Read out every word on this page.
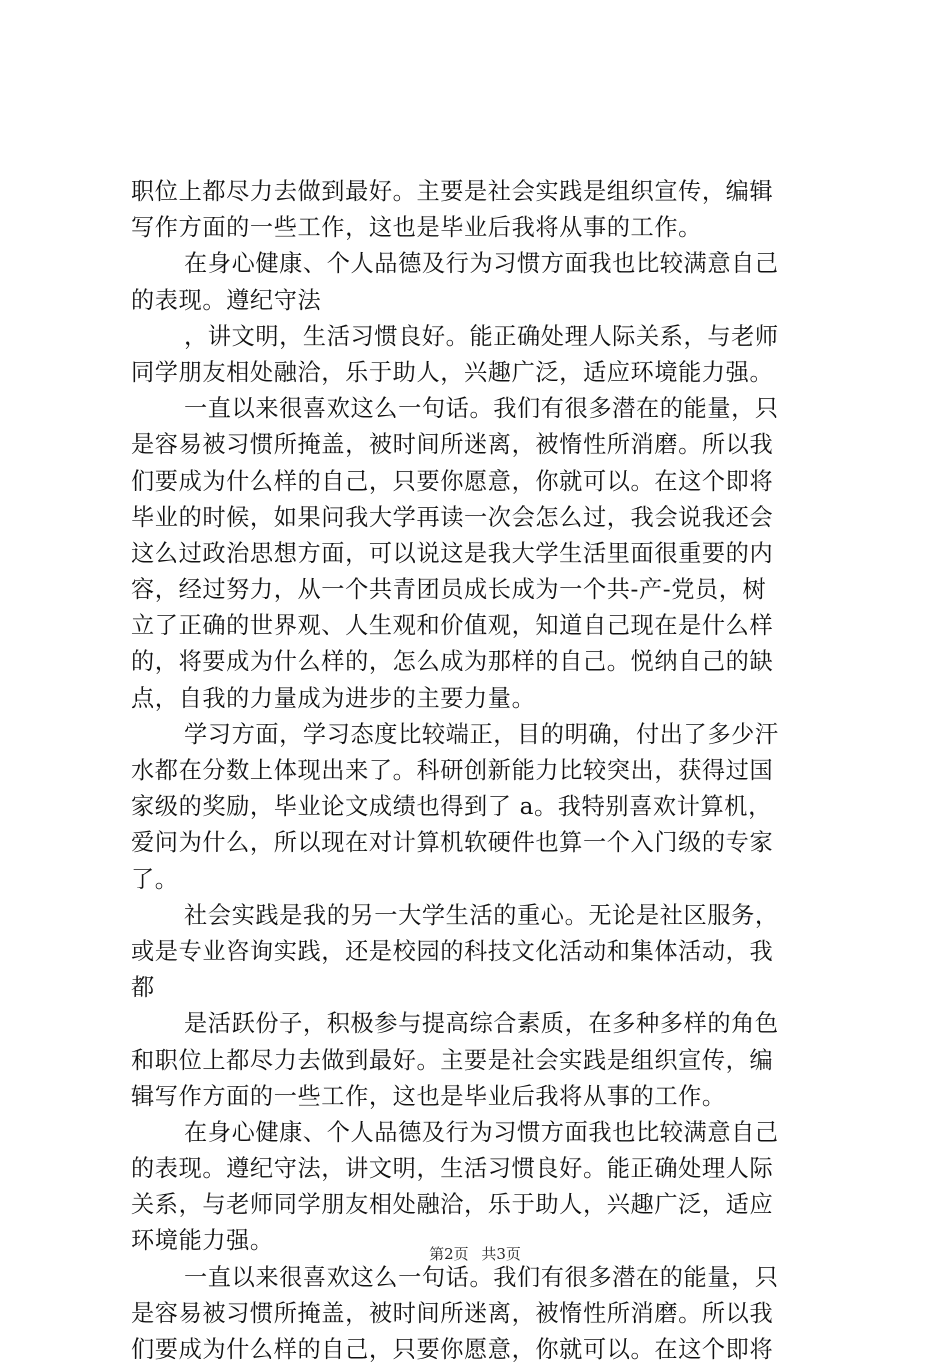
职位上都尽力去做到最好。主要是社会实践是组织宣传，编辑
写作方面的一些工作，这也是毕业后我将从事的工作。
在身心健康、个人品德及行为习惯方面我也比较满意自己
的表现。遵纪守法
，讲文明，生活习惯良好。能正确处理人际关系，与老师
同学朋友相处融洽，乐于助人，兴趣广泛，适应环境能力强。
一直以来很喜欢这么一句话。我们有很多潜在的能量，只
是容易被习惯所掩盖，被时间所迷离，被惰性所消磨。所以我
们要成为什么样的自己，只要你愿意，你就可以。在这个即将
毕业的时候，如果问我大学再读一次会怎么过，我会说我还会
这么过政治思想方面，可以说这是我大学生活里面很重要的内
容，经过努力，从一个共青团员成长成为一个共-产-党员，树
立了正确的世界观、人生观和价值观，知道自己现在是什么样
的，将要成为什么样的，怎么成为那样的自己。悦纳自己的缺
点，自我的力量成为进步的主要力量。
学习方面，学习态度比较端正，目的明确，付出了多少汗
水都在分数上体现出来了。科研创新能力比较突出，获得过国
家级的奖励，毕业论文成绩也得到了 a。我特别喜欢计算机，
爱问为什么，所以现在对计算机软硬件也算一个入门级的专家
了。
社会实践是我的另一大学生活的重心。无论是社区服务，
或是专业咨询实践，还是校园的科技文化活动和集体活动，我
都
是活跃份子，积极参与提高综合素质，在多种多样的角色
和职位上都尽力去做到最好。主要是社会实践是组织宣传，编
辑写作方面的一些工作，这也是毕业后我将从事的工作。
在身心健康、个人品德及行为习惯方面我也比较满意自己
的表现。遵纪守法，讲文明，生活习惯良好。能正确处理人际
关系，与老师同学朋友相处融洽，乐于助人，兴趣广泛，适应
环境能力强。
一直以来很喜欢这么一句话。我们有很多潜在的能量，只
是容易被习惯所掩盖，被时间所迷离，被惰性所消磨。所以我
们要成为什么样的自己，只要你愿意，你就可以。在这个即将
第2页 共3页
